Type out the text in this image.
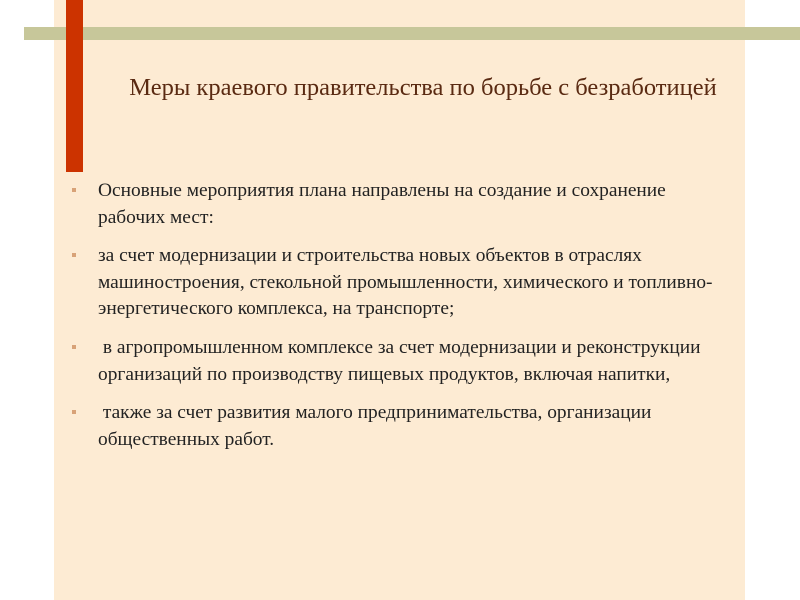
Меры краевого правительства по борьбе с безработицей
Основные мероприятия плана направлены на создание и сохранение рабочих мест:
за счет модернизации и строительства новых объектов в отраслях машиностроения, стекольной промышленности, химического и топливно-энергетического комплекса, на транспорте;
в агропромышленном комплексе за счет модернизации и реконструкции организаций по производству пищевых продуктов, включая напитки,
также за счет развития малого предпринимательства, организации общественных работ.
